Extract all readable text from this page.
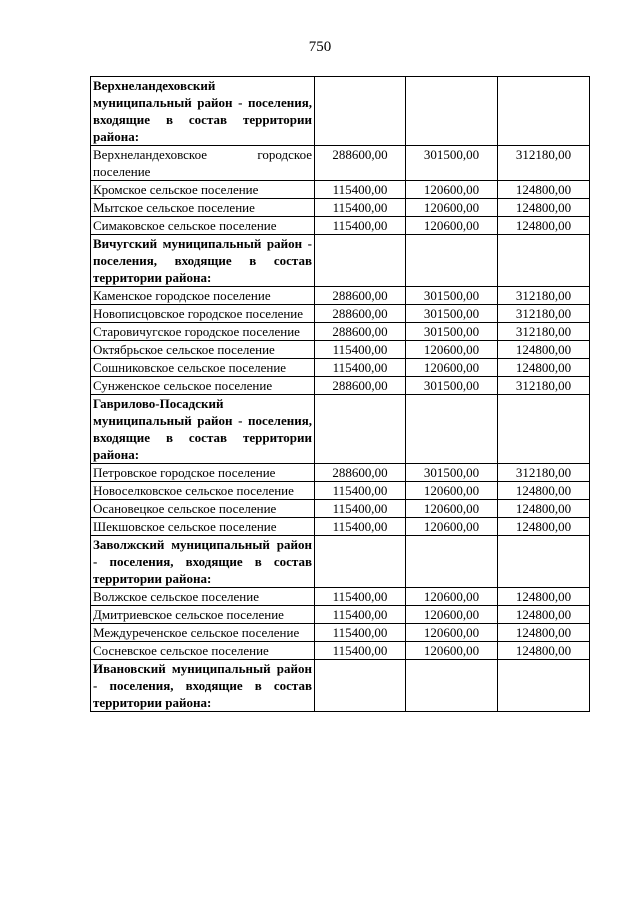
750
Верхнеландеховский муниципальный район - поселения, входящие в состав территории района:			
Верхнеландеховское городское поселение	288600,00	301500,00	312180,00
Кромское сельское поселение	115400,00	120600,00	124800,00
Мытское сельское поселение	115400,00	120600,00	124800,00
Симаковское сельское поселение	115400,00	120600,00	124800,00
Вичугский муниципальный район - поселения, входящие в состав территории района:			
Каменское городское поселение	288600,00	301500,00	312180,00
Новописцовское городское поселение	288600,00	301500,00	312180,00
Старовичугское городское поселение	288600,00	301500,00	312180,00
Октябрьское сельское поселение	115400,00	120600,00	124800,00
Сошниковское сельское поселение	115400,00	120600,00	124800,00
Сунженское сельское поселение	288600,00	301500,00	312180,00
Гаврилово-Посадский муниципальный район - поселения, входящие в состав территории района:			
Петровское городское поселение	288600,00	301500,00	312180,00
Новоселковское сельское поселение	115400,00	120600,00	124800,00
Осановецкое сельское поселение	115400,00	120600,00	124800,00
Шекшовское сельское поселение	115400,00	120600,00	124800,00
Заволжский муниципальный район - поселения, входящие в состав территории района:			
Волжское сельское поселение	115400,00	120600,00	124800,00
Дмитриевское сельское поселение	115400,00	120600,00	124800,00
Междуреченское сельское поселение	115400,00	120600,00	124800,00
Сосневское сельское поселение	115400,00	120600,00	124800,00
Ивановский муниципальный район - поселения, входящие в состав территории района:			
